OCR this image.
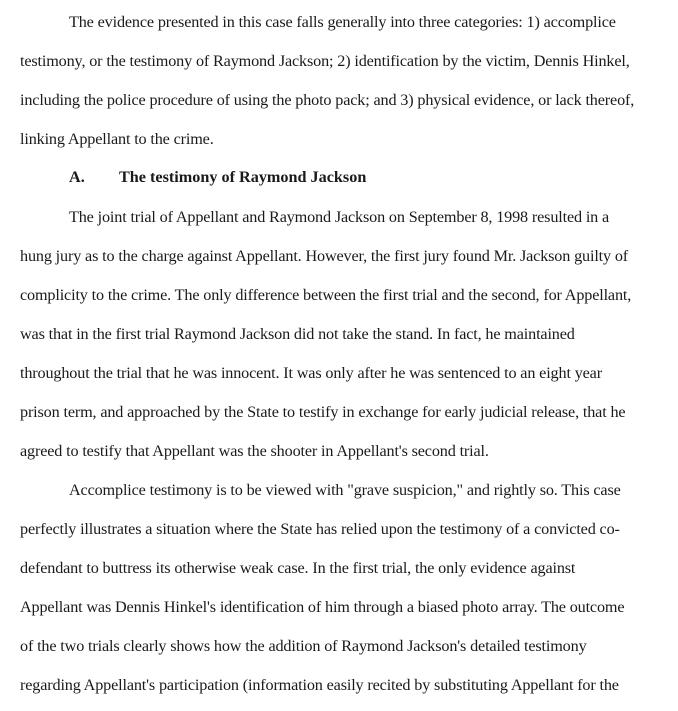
The evidence presented in this case falls generally into three categories: 1) accomplice
testimony, or the testimony of Raymond Jackson; 2) identification by the victim, Dennis Hinkel,
including the police procedure of using the photo pack; and 3) physical evidence, or lack thereof,
linking Appellant to the crime.
A. The testimony of Raymond Jackson
The joint trial of Appellant and Raymond Jackson on September 8, 1998 resulted in a
hung jury as to the charge against Appellant. However, the first jury found Mr. Jackson guilty of
complicity to the crime. The only difference between the first trial and the second, for Appellant,
was that in the first trial Raymond Jackson did not take the stand. In fact, he maintained
throughout the trial that he was innocent. It was only after he was sentenced to an eight year
prison term, and approached by the State to testify in exchange for early judicial release, that he
agreed to testify that Appellant was the shooter in Appellant's second trial.
Accomplice testimony is to be viewed with "grave suspicion," and rightly so. This case
perfectly illustrates a situation where the State has relied upon the testimony of a convicted co-
defendant to buttress its otherwise weak case. In the first trial, the only evidence against
Appellant was Dennis Hinkel's identification of him through a biased photo array. The outcome
of the two trials clearly shows how the addition of Raymond Jackson's detailed testimony
regarding Appellant's participation (information easily recited by substituting Appellant for the
